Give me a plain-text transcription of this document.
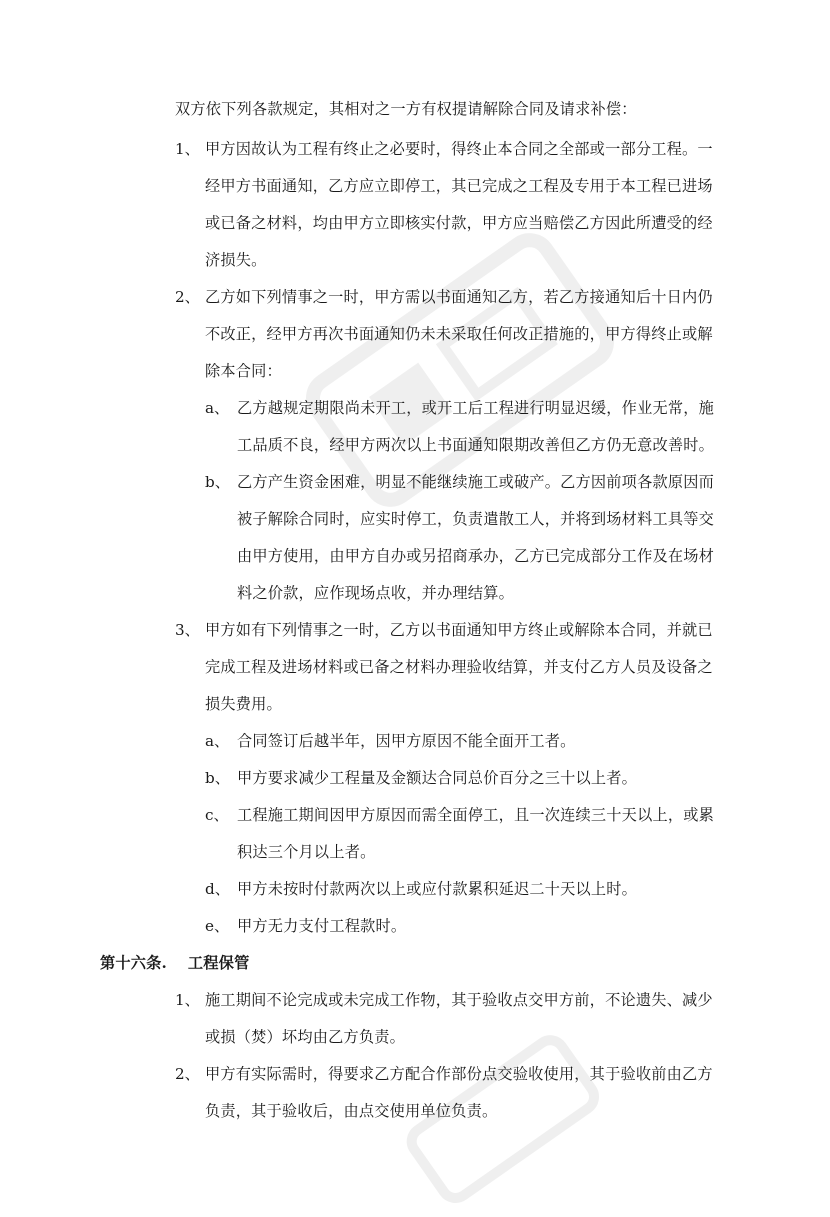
双方依下列各款规定，其相对之一方有权提请解除合同及请求补偿：
1、 甲方因故认为工程有终止之必要时，得终止本合同之全部或一部分工程。一
经甲方书面通知，乙方应立即停工，其已完成之工程及专用于本工程已进场
或已备之材料，均由甲方立即核实付款，甲方应当赔偿乙方因此所遭受的经
济损失。
2、 乙方如下列情事之一时，甲方需以书面通知乙方，若乙方接通知后十日内仍
不改正，经甲方再次书面通知仍未未采取任何改正措施的，甲方得终止或解
除本合同：
a、 乙方越规定期限尚未开工，或开工后工程进行明显迟缓，作业无常，施
工品质不良，经甲方两次以上书面通知限期改善但乙方仍无意改善时。
b、 乙方产生资金困难，明显不能继续施工或破产。乙方因前项各款原因而
被子解除合同时，应实时停工，负责遣散工人，并将到场材料工具等交
由甲方使用，由甲方自办或另招商承办，乙方已完成部分工作及在场材
料之价款，应作现场点收，并办理结算。
3、 甲方如有下列情事之一时，乙方以书面通知甲方终止或解除本合同，并就已
完成工程及进场材料或已备之材料办理验收结算，并支付乙方人员及设备之
损失费用。
a、 合同签订后越半年，因甲方原因不能全面开工者。
b、 甲方要求减少工程量及金额达合同总价百分之三十以上者。
c、 工程施工期间因甲方原因而需全面停工，且一次连续三十天以上，或累
积达三个月以上者。
d、 甲方未按时付款两次以上或应付款累积延迟二十天以上时。
e、 甲方无力支付工程款时。
第十六条.　 工程保管
1、 施工期间不论完成或未完成工作物，其于验收点交甲方前，不论遗失、减少
或损（焚）坏均由乙方负责。
2、 甲方有实际需时，得要求乙方配合作部份点交验收使用，其于验收前由乙方
负责，其于验收后，由点交使用单位负责。
